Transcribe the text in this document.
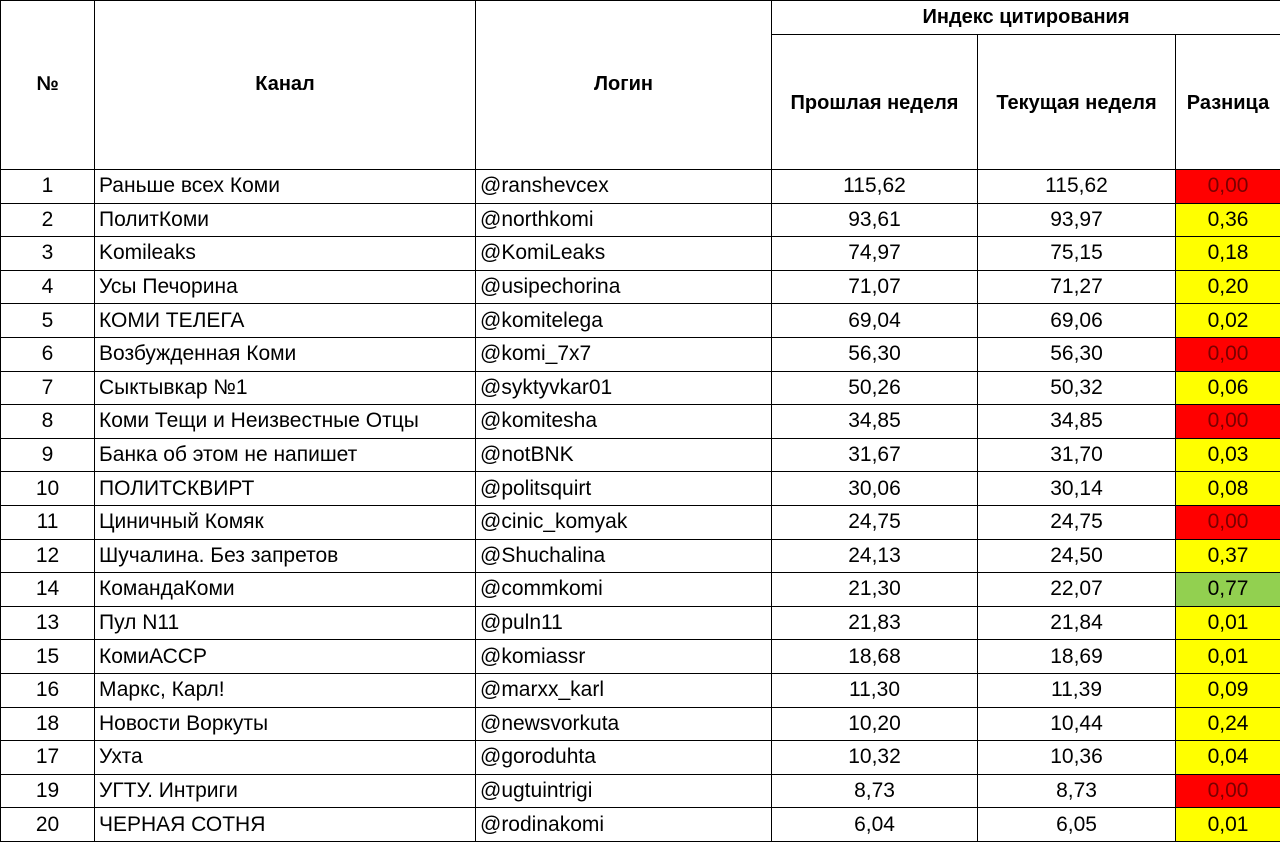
№	Канал	Логин	Индекс цитирования		
			Прошлая неделя	Текущая неделя	Разница
1	Раньше всех Коми	@ranshevcex	115,62	115,62	0,00
2	ПолитКоми	@northkomi	93,61	93,97	0,36
3	Komileaks	@KomiLeaks	74,97	75,15	0,18
4	Усы Печорина	@usipechorina	71,07	71,27	0,20
5	КОМИ ТЕЛЕГА	@komitelega	69,04	69,06	0,02
6	Возбужденная Коми	@komi_7x7	56,30	56,30	0,00
7	Сыктывкар №1	@syktyvkar01	50,26	50,32	0,06
8	Коми Тещи и Неизвестные Отцы	@komitesha	34,85	34,85	0,00
9	Банка об этом не напишет	@notBNK	31,67	31,70	0,03
10	ПОЛИТСКВИРТ	@politsquirt	30,06	30,14	0,08
11	Циничный Комяк	@cinic_komyak	24,75	24,75	0,00
12	Шучалина. Без запретов	@Shuchalina	24,13	24,50	0,37
14	КомандаКоми	@commkomi	21,30	22,07	0,77
13	Пул N11	@puln11	21,83	21,84	0,01
15	КомиАССР	@komiassr	18,68	18,69	0,01
16	Маркс, Карл!	@marxx_karl	11,30	11,39	0,09
18	Новости Воркуты	@newsvorkuta	10,20	10,44	0,24
17	Ухта	@goroduhta	10,32	10,36	0,04
19	УГТУ. Интриги	@ugtuintrigi	8,73	8,73	0,00
20	ЧЕРНАЯ СОТНЯ	@rodinakomi	6,04	6,05	0,01
